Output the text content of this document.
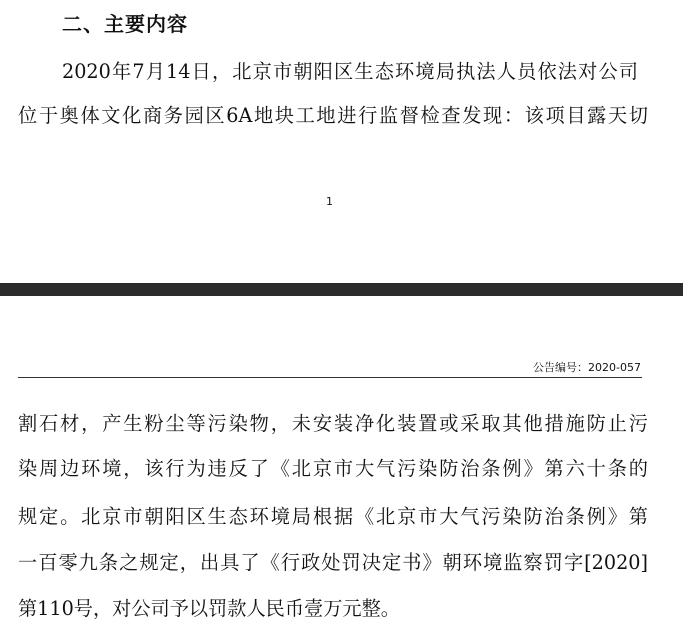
二、主要内容
2020年7月14日，北京市朝阳区生态环境局执法人员依法对公司
位于奥体文化商务园区6A地块工地进行监督检查发现：该项目露天切
1
公告编号：2020-057
割石材，产生粉尘等污染物，未安装净化装置或采取其他措施防止污
染周边环境，该行为违反了《北京市大气污染防治条例》第六十条的
规定。北京市朝阳区生态环境局根据《北京市大气污染防治条例》第
一百零九条之规定，出具了《行政处罚决定书》朝环境监察罚字[2020]
第110号，对公司予以罚款人民币壹万元整。
